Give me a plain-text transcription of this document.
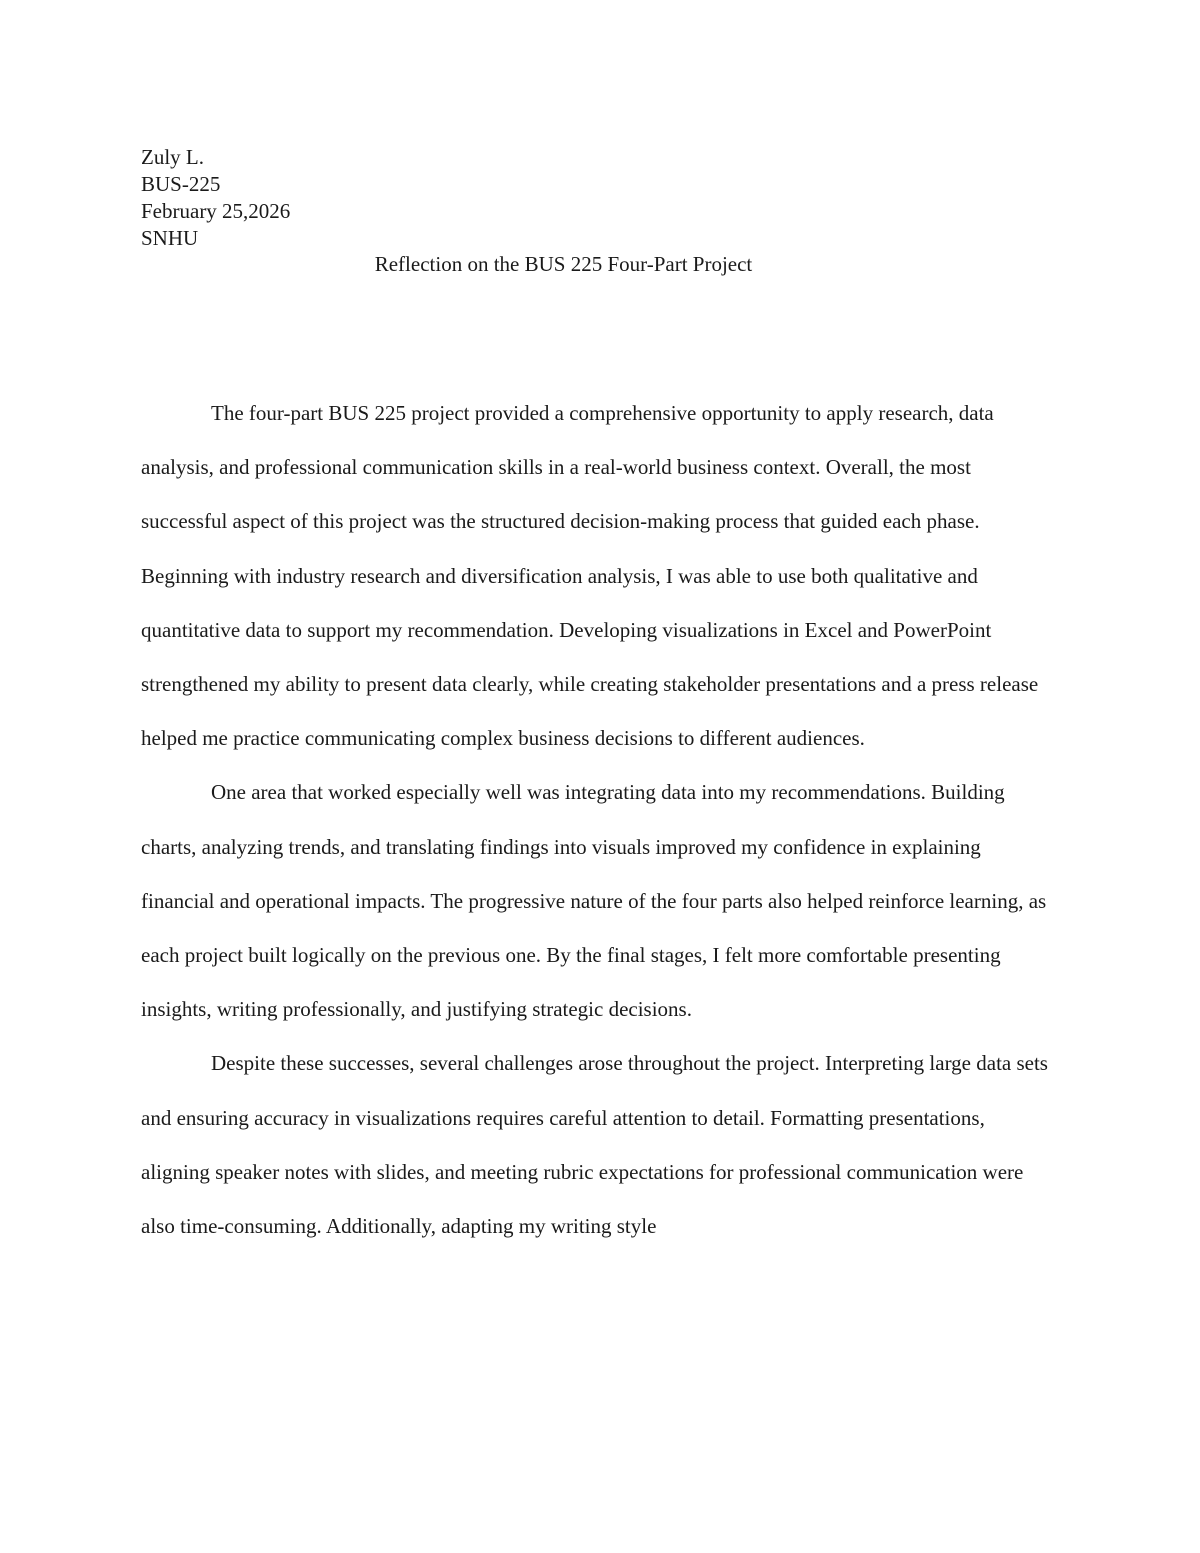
Zuly L.
BUS-225
February 25,2026
SNHU
Reflection on the BUS 225 Four-Part Project

The four-part BUS 225 project provided a comprehensive opportunity to apply research, data analysis, and professional communication skills in a real-world business context. Overall, the most successful aspect of this project was the structured decision-making process that guided each phase. Beginning with industry research and diversification analysis, I was able to use both qualitative and quantitative data to support my recommendation. Developing visualizations in Excel and PowerPoint strengthened my ability to present data clearly, while creating stakeholder presentations and a press release helped me practice communicating complex business decisions to different audiences.

One area that worked especially well was integrating data into my recommendations. Building charts, analyzing trends, and translating findings into visuals improved my confidence in explaining financial and operational impacts. The progressive nature of the four parts also helped reinforce learning, as each project built logically on the previous one. By the final stages, I felt more comfortable presenting insights, writing professionally, and justifying strategic decisions.

Despite these successes, several challenges arose throughout the project. Interpreting large data sets and ensuring accuracy in visualizations requires careful attention to detail. Formatting presentations, aligning speaker notes with slides, and meeting rubric expectations for professional communication were also time-consuming. Additionally, adapting my writing style
